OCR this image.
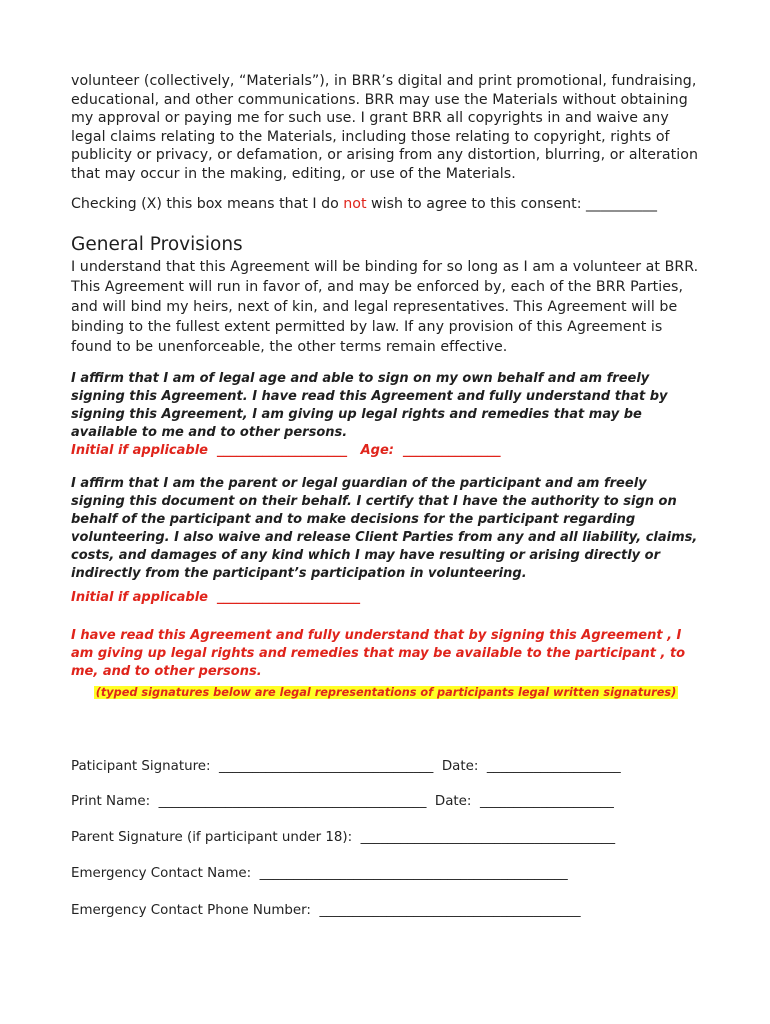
volunteer (collectively, “Materials”), in BRR’s digital and print promotional, fundraising, educational, and other communications. BRR may use the Materials without obtaining my approval or paying me for such use. I grant BRR all copyrights in and waive any legal claims relating to the Materials, including those relating to copyright, rights of publicity or privacy, or defamation, or arising from any distortion, blurring, or alteration that may occur in the making, editing, or use of the Materials.

Checking (X) this box means that I do not wish to agree to this consent: __________

General Provisions

I understand that this Agreement will be binding for so long as I am a volunteer at BRR. This Agreement will run in favor of, and may be enforced by, each of the BRR Parties, and will bind my heirs, next of kin, and legal representatives. This Agreement will be binding to the fullest extent permitted by law. If any provision of this Agreement is found to be unenforceable, the other terms remain effective.

I affirm that I am of legal age and able to sign on my own behalf and am freely signing this Agreement. I have read this Agreement and fully understand that by signing this Agreement, I am giving up legal rights and remedies that may be available to me and to other persons.

Initial if applicable  ____________________   Age:  _______________

I affirm that I am the parent or legal guardian of the participant and am freely signing this document on their behalf. I certify that I have the authority to sign on behalf of the participant and to make decisions for the participant regarding volunteering. I also waive and release Client Parties from any and all liability, claims, costs, and damages of any kind which I may have resulting or arising directly or indirectly from the participant’s participation in volunteering.

Initial if applicable  ______________________

I have read this Agreement and fully understand that by signing this Agreement , I am giving up legal rights and remedies that may be available to the participant , to me, and to other persons.

(typed signatures below are legal representations of participants legal written signatures)
Paticipant Signature:  ________________________________  Date:  ____________________
Print Name:  ________________________________________  Date:  ____________________
Parent Signature (if participant under 18):  ______________________________________
Emergency Contact Name:  ______________________________________________
Emergency Contact Phone Number:  _______________________________________
